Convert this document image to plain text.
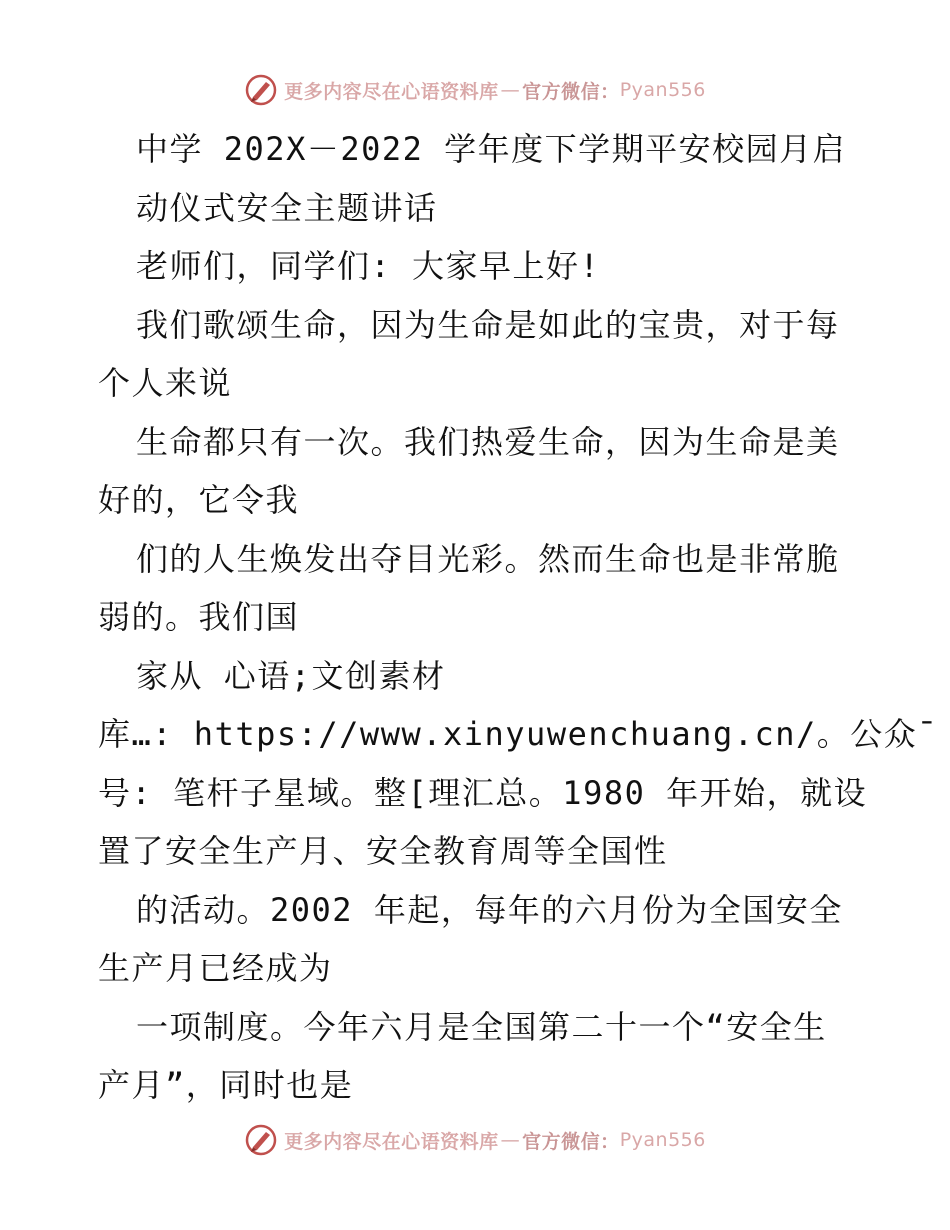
更多内容尽在心语资料库 — 官方微信： Pyan556
中学 202X－2022 学年度下学期平安校园月启
动仪式安全主题讲话
老师们，同学们: 大家早上好!
我们歌颂生命，因为生命是如此的宝贵，对于每
个人来说
生命都只有一次。我们热爱生命，因为生命是美
好的，它令我
们的人生焕发出夺目光彩。然而生命也是非常脆
弱的。我们国
家从 心语;文创素材
库…: https://www.xinyuwenchuang.cn/。公众¯
号: 笔杆子星域。整[理汇总。1980 年开始，就设
置了安全生产月、安全教育周等全国性
的活动。2002 年起，每年的六月份为全国安全
生产月已经成为
一项制度。今年六月是全国第二十一个“安全生
产月”，同时也是
更多内容尽在心语资料库 — 官方微信： Pyan556
